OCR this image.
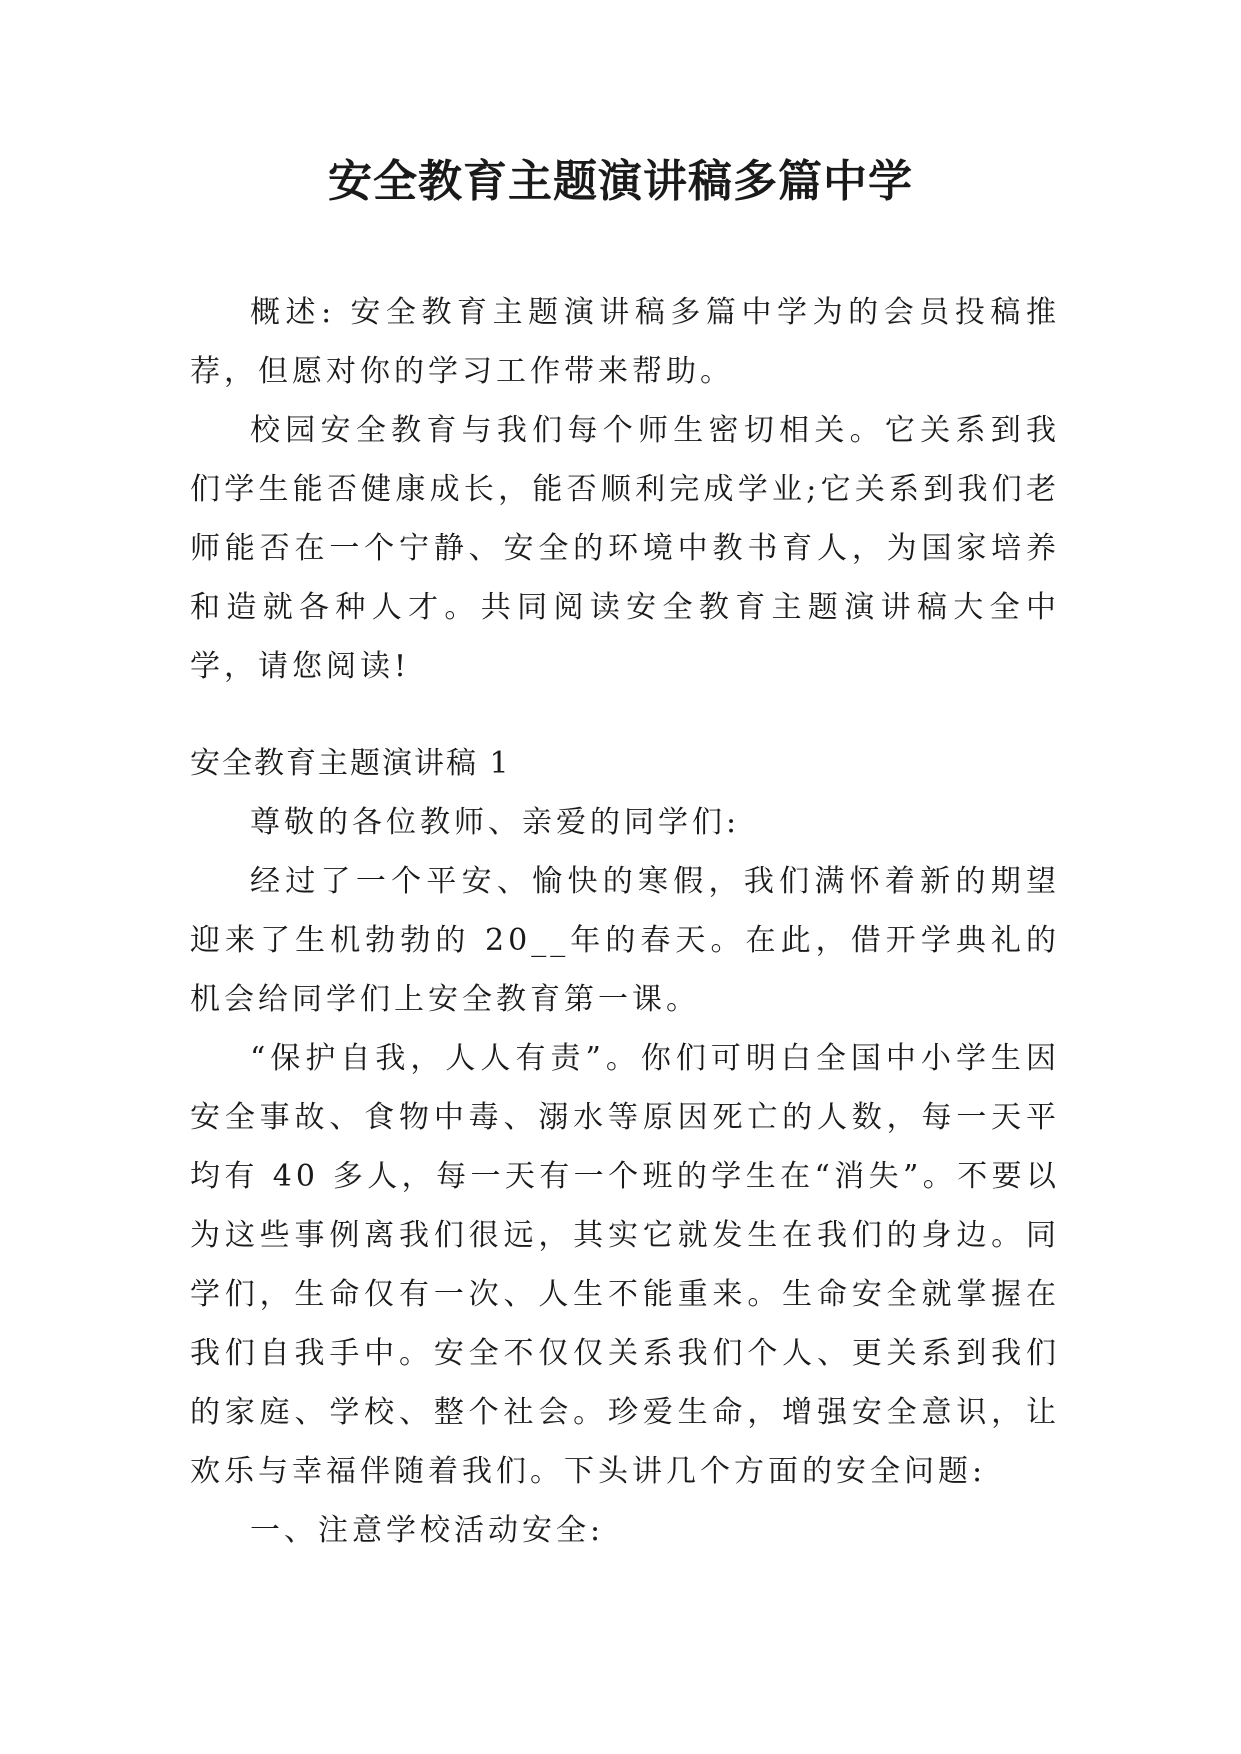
安全教育主题演讲稿多篇中学

概述: 安全教育主题演讲稿多篇中学为的会员投稿推荐，但愿对你的学习工作带来帮助。

校园安全教育与我们每个师生密切相关。它关系到我们学生能否健康成长，能否顺利完成学业;它关系到我们老师能否在一个宁静、安全的环境中教书育人，为国家培养和造就各种人才。共同阅读安全教育主题演讲稿大全中学，请您阅读!

安全教育主题演讲稿 1

尊敬的各位教师、亲爱的同学们:

经过了一个平安、愉快的寒假，我们满怀着新的期望迎来了生机勃勃的 20__年的春天。在此，借开学典礼的机会给同学们上安全教育第一课。

“保护自我，人人有责”。你们可明白全国中小学生因安全事故、食物中毒、溺水等原因死亡的人数，每一天平均有 40 多人，每一天有一个班的学生在“消失”。不要以为这些事例离我们很远，其实它就发生在我们的身边。同学们，生命仅有一次、人生不能重来。生命安全就掌握在我们自我手中。安全不仅仅关系我们个人、更关系到我们的家庭、学校、整个社会。珍爱生命，增强安全意识，让欢乐与幸福伴随着我们。下头讲几个方面的安全问题:

一、注意学校活动安全:
